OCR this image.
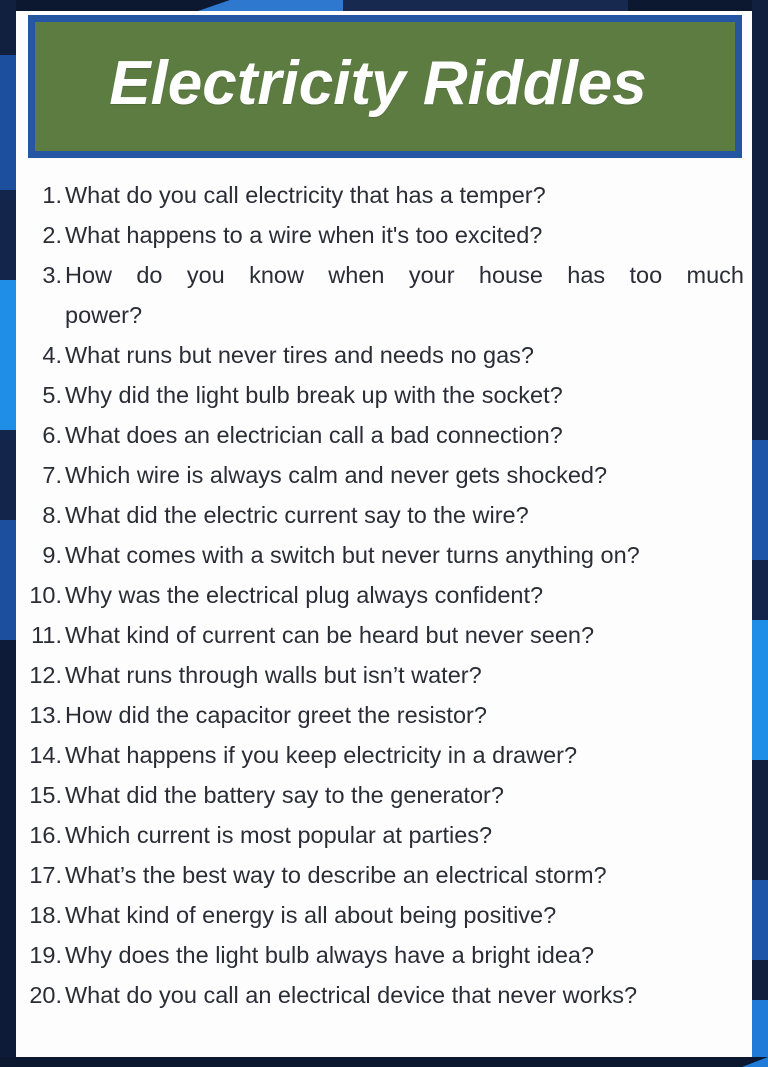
Electricity Riddles
1. What do you call electricity that has a temper?
2. What happens to a wire when it's too excited?
3. How do you know when your house has too much
power?
4. What runs but never tires and needs no gas?
5. Why did the light bulb break up with the socket?
6. What does an electrician call a bad connection?
7. Which wire is always calm and never gets shocked?
8. What did the electric current say to the wire?
9. What comes with a switch but never turns anything on?
10. Why was the electrical plug always confident?
11. What kind of current can be heard but never seen?
12. What runs through walls but isn’t water?
13. How did the capacitor greet the resistor?
14. What happens if you keep electricity in a drawer?
15. What did the battery say to the generator?
16. Which current is most popular at parties?
17. What’s the best way to describe an electrical storm?
18. What kind of energy is all about being positive?
19. Why does the light bulb always have a bright idea?
20. What do you call an electrical device that never works?
